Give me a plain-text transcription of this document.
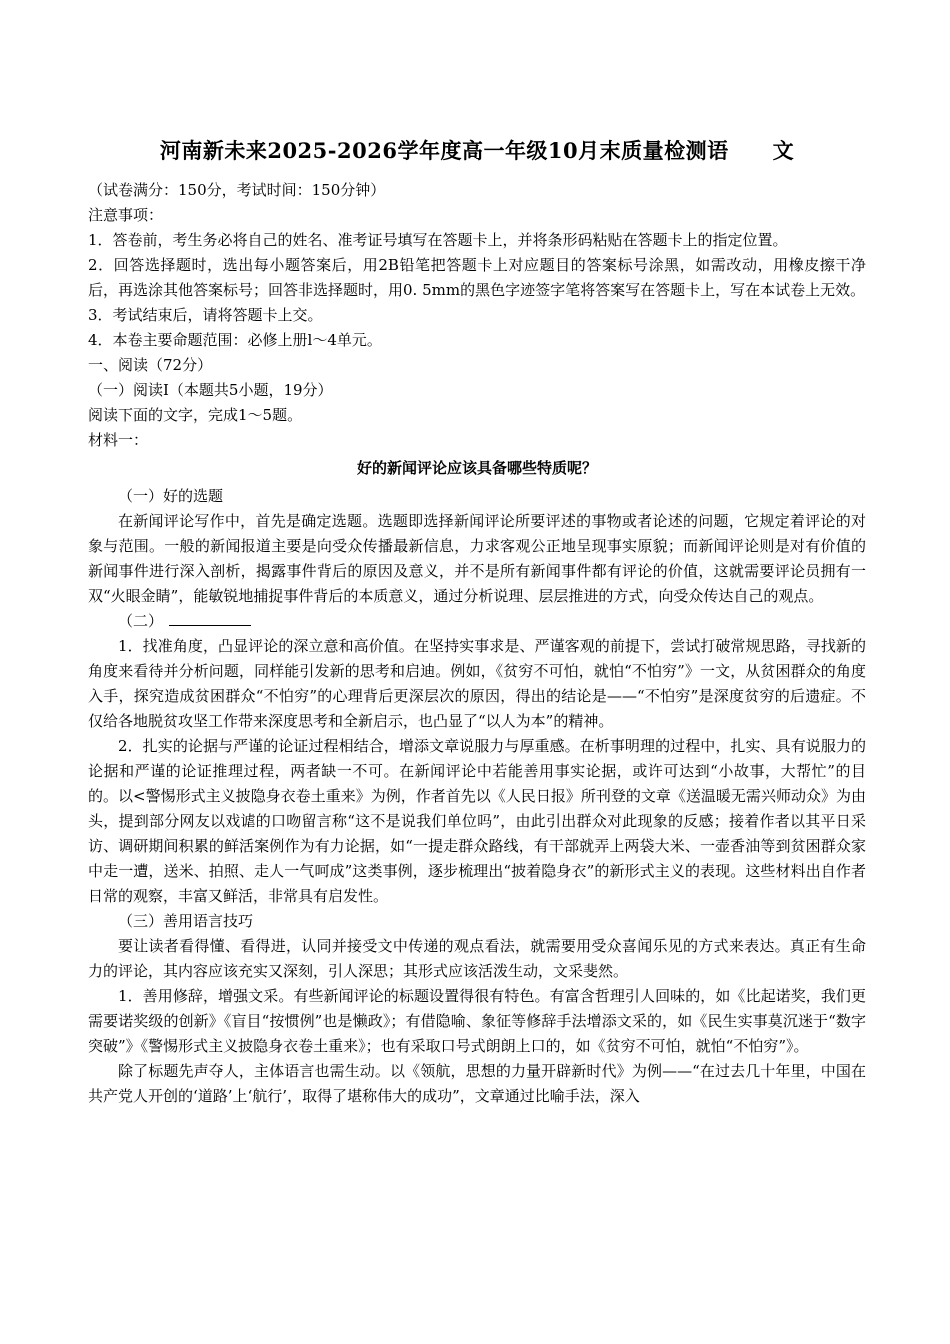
河南新未来2025-2026学年度高一年级10月末质量检测语 文
（试卷满分：150分，考试时间：150分钟）
注意事项：
1．答卷前，考生务必将自己的姓名、准考证号填写在答题卡上，并将条形码粘贴在答题卡上的指定位置。
2．回答选择题时，选出每小题答案后，用2B铅笔把答题卡上对应题目的答案标号涂黑，如需改动，用橡皮擦干净后，再选涂其他答案标号；回答非选择题时，用0. 5mm的黑色字迹签字笔将答案写在答题卡上，写在本试卷上无效。
3．考试结束后，请将答题卡上交。
4．本卷主要命题范围：必修上册l～4单元。
一、阅读（72分）
（一）阅读Ⅰ（本题共5小题，19分）
阅读下面的文字，完成1～5题。
材料一：
好的新闻评论应该具备哪些特质呢？
（一）好的选题
在新闻评论写作中，首先是确定选题。选题即选择新闻评论所要评述的事物或者论述的问题，它规定着评论的对象与范围。一般的新闻报道主要是向受众传播最新信息，力求客观公正地呈现事实原貌；而新闻评论则是对有价值的新闻事件进行深入剖析，揭露事件背后的原因及意义，并不是所有新闻事件都有评论的价值，这就需要评论员拥有一双“火眼金睛”，能敏锐地捕捉事件背后的本质意义，通过分析说理、层层推进的方式，向受众传达自己的观点。
（二）
1．找准角度，凸显评论的深立意和高价值。在坚持实事求是、严谨客观的前提下，尝试打破常规思路，寻找新的角度来看待并分析问题，同样能引发新的思考和启迪。例如，《贫穷不可怕，就怕“不怕穷”》一文，从贫困群众的角度入手，探究造成贫困群众“不怕穷”的心理背后更深层次的原因，得出的结论是——“不怕穷”是深度贫穷的后遗症。不仅给各地脱贫攻坚工作带来深度思考和全新启示，也凸显了“以人为本”的精神。
2．扎实的论据与严谨的论证过程相结合，增添文章说服力与厚重感。在析事明理的过程中，扎实、具有说服力的论据和严谨的论证推理过程，两者缺一不可。在新闻评论中若能善用事实论据，或许可达到“小故事，大帮忙”的目的。以<警惕形式主义披隐身衣卷土重来》为例，作者首先以《人民日报》所刊登的文章《送温暖无需兴师动众》为由头，提到部分网友以戏谑的口吻留言称“这不是说我们单位吗”，由此引出群众对此现象的反感；接着作者以其平日采访、调研期间积累的鲜活案例作为有力论据，如“一提走群众路线，有干部就弄上两袋大米、一壶香油等到贫困群众家中走一遭，送米、拍照、走人一气呵成”这类事例，逐步梳理出“披着隐身衣”的新形式主义的表现。这些材料出自作者日常的观察，丰富又鲜活，非常具有启发性。
（三）善用语言技巧
要让读者看得懂、看得进，认同并接受文中传递的观点看法，就需要用受众喜闻乐见的方式来表达。真正有生命力的评论，其内容应该充实又深刻，引人深思；其形式应该活泼生动，文采斐然。
1．善用修辞，增强文采。有些新闻评论的标题设置得很有特色。有富含哲理引人回味的，如《比起诺奖，我们更需要诺奖级的创新》《盲目“按惯例”也是懒政》；有借隐喻、象征等修辞手法增添文采的，如《民生实事莫沉迷于“数字突破”》《警惕形式主义披隐身衣卷土重来》；也有采取口号式朗朗上口的，如《贫穷不可怕，就怕“不怕穷”》。
除了标题先声夺人，主体语言也需生动。以《领航，思想的力量开辟新时代》为例——“在过去几十年里，中国在共产党人开创的‘道路’上‘航行’，取得了堪称伟大的成功”，文章通过比喻手法，深入
